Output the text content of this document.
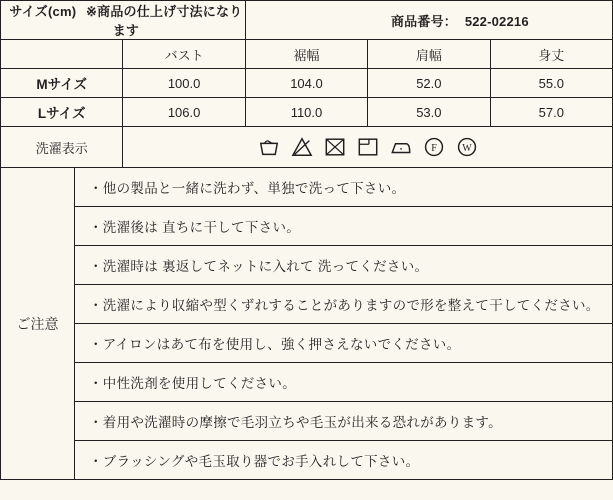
サイズ(cm) ※商品の仕上げ寸法になります		商品番号： 522-02216		
	バスト	裾幅	肩幅	身丈
Mサイズ	100.0	104.0	52.0	55.0
Lサイズ	106.0	110.0	53.0	57.0
洗濯表示	F W			
ご注意
・他の製品と一緒に洗わず、単独で洗って下さい。
・洗濯後は 直ちに干して下さい。
・洗濯時は 裏返してネットに入れて 洗ってください。
・洗濯により収縮や型くずれすることがありますので形を整えて干してください。
・アイロンはあて布を使用し、強く押さえないでください。
・中性洗剤を使用してください。
・着用や洗濯時の摩擦で毛羽立ちや毛玉が出来る恐れがあります。
・ブラッシングや毛玉取り器でお手入れして下さい。
